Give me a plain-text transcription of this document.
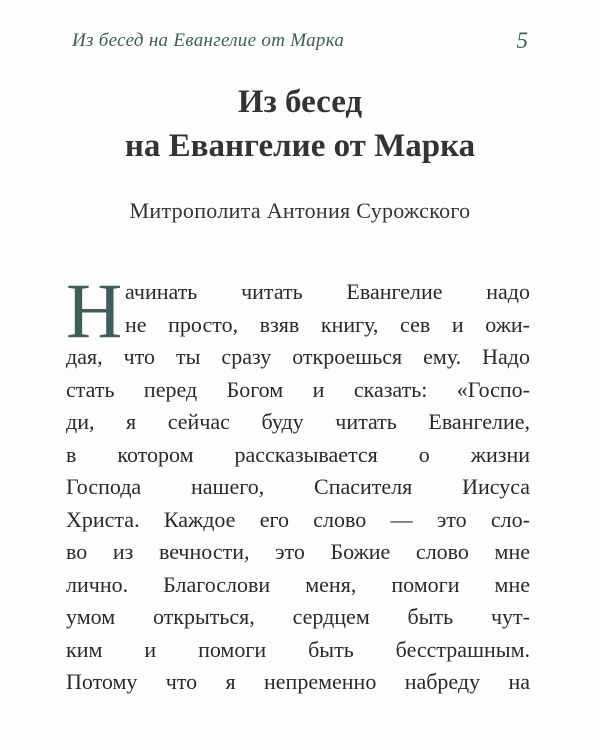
Из бесед на Евангелие от Марка	5
Из бесед
на Евангелие от Марка
Митрополита Антония Сурожского
Н ачинать читать Евангелие надо
не просто, взяв книгу, сев и ожи-
дая, что ты сразу откроешься ему. Надо
стать перед Богом и сказать: «Госпо-
ди, я сейчас буду читать Евангелие,
в котором рассказывается о жизни
Господа нашего, Спасителя Иисуса
Христа. Каждое его слово — это сло-
во из вечности, это Божие слово мне
лично. Благослови меня, помоги мне
умом открыться, сердцем быть чут-
ким и помоги быть бесстрашным.
Потому что я непременно набреду на
